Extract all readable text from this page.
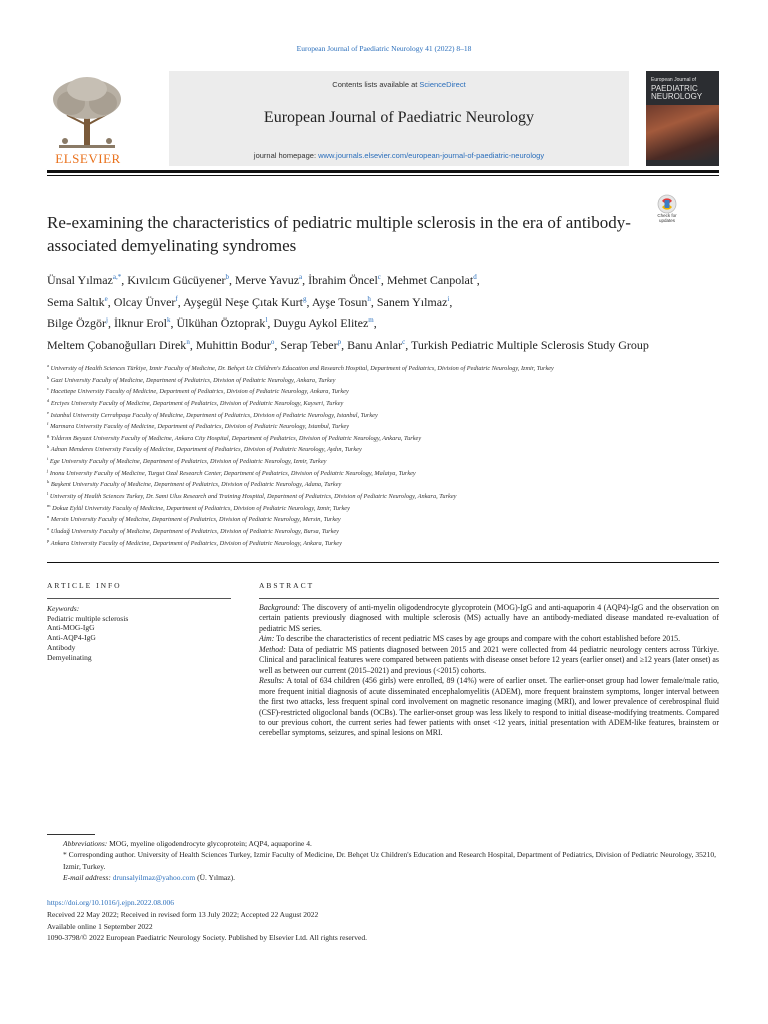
European Journal of Paediatric Neurology 41 (2022) 8–18
ELSEVIER
Contents lists available at ScienceDirect
European Journal of Paediatric Neurology
journal homepage: www.journals.elsevier.com/european-journal-of-paediatric-neurology
European Journal of
PAEDIATRIC NEUROLOGY
Re-examining the characteristics of pediatric multiple sclerosis in the era of antibody-associated demyelinating syndromes
Check for
updates
Ünsal Yılmaz$^{a,*}$, Kıvılcım Gücüyener$^b$, Merve Yavuz$^a$, İbrahim Öncel$^c$, Mehmet Canpolat$^d$,
Sema Saltık$^e$, Olcay Ünver$^f$, Ayşegül Neşe Çıtak Kurt$^g$, Ayşe Tosun$^h$, Sanem Yılmaz$^i$,
Bilge Özgör$^j$, İlknur Erol$^k$, Ülkühan Öztoprak$^l$, Duygu Aykol Elitez$^m$,
Meltem Çobanoğulları Direk$^n$, Muhittin Bodur$^o$, Serap Teber$^p$, Banu Anlar$^c$, Turkish Pediatric Multiple Sclerosis Study Group
$^a$ University of Health Sciences Türkiye, Izmir Faculty of Medicine, Dr. Behçet Uz Children's Education and Research Hospital, Department of Pediatrics, Division of Pediatric Neurology, Izmir, Turkey
$^b$ Gazi University Faculty of Medicine, Department of Pediatrics, Division of Pediatric Neurology, Ankara, Turkey
$^c$ Hacettepe University Faculty of Medicine, Department of Pediatrics, Division of Pediatric Neurology, Ankara, Turkey
$^d$ Erciyes University Faculty of Medicine, Department of Pediatrics, Division of Pediatric Neurology, Kayseri, Turkey
$^e$ Istanbul University Cerrahpaşa Faculty of Medicine, Department of Pediatrics, Division of Pediatric Neurology, Istanbul, Turkey
$^f$ Marmara University Faculty of Medicine, Department of Pediatrics, Division of Pediatric Neurology, Istanbul, Turkey
$^g$ Yıldırım Beyazıt University Faculty of Medicine, Ankara City Hospital, Department of Pediatrics, Division of Pediatric Neurology, Ankara, Turkey
$^h$ Adnan Menderes University Faculty of Medicine, Department of Pediatrics, Division of Pediatric Neurology, Aydın, Turkey
$^i$ Ege University Faculty of Medicine, Department of Pediatrics, Division of Pediatric Neurology, Izmir, Turkey
$^j$ Inonu University Faculty of Medicine, Turgut Ozal Research Center, Department of Pediatrics, Division of Pediatric Neurology, Malatya, Turkey
$^k$ Başkent University Faculty of Medicine, Department of Pediatrics, Division of Pediatric Neurology, Adana, Turkey
$^l$ University of Health Sciences Turkey, Dr. Sami Ulus Research and Training Hospital, Department of Pediatrics, Division of Pediatric Neurology, Ankara, Turkey
$^m$ Dokuz Eylül University Faculty of Medicine, Department of Pediatrics, Division of Pediatric Neurology, Izmir, Turkey
$^n$ Mersin University Faculty of Medicine, Department of Pediatrics, Division of Pediatric Neurology, Mersin, Turkey
$^o$ Uludağ University Faculty of Medicine, Department of Pediatrics, Division of Pediatric Neurology, Bursa, Turkey
$^p$ Ankara University Faculty of Medicine, Department of Pediatrics, Division of Pediatric Neurology, Ankara, Turkey
ARTICLE INFO	ABSTRACT
Keywords:
Pediatric multiple sclerosis
Anti-MOG-IgG
Anti-AQP4-IgG
Antibody
Demyelinating

Background: The discovery of anti-myelin oligodendrocyte glycoprotein (MOG)-IgG and anti-aquaporin 4 (AQP4)-IgG and the observation on certain patients previously diagnosed with multiple sclerosis (MS) actually have an antibody-mediated disease mandated re-evaluation of pediatric MS series.

Aim: To describe the characteristics of recent pediatric MS cases by age groups and compare with the cohort established before 2015.

Method: Data of pediatric MS patients diagnosed between 2015 and 2021 were collected from 44 pediatric neurology centers across Türkiye. Clinical and paraclinical features were compared between patients with disease onset before 12 years (earlier onset) and ≥12 years (later onset) as well as between our current (2015–2021) and previous (<2015) cohorts.

Results: A total of 634 children (456 girls) were enrolled, 89 (14%) were of earlier onset. The earlier-onset group had lower female/male ratio, more frequent initial diagnosis of acute disseminated encephalomyelitis (ADEM), more frequent brainstem symptoms, longer interval between the first two attacks, less frequent spinal cord involvement on magnetic resonance imaging (MRI), and lower prevalence of cerebrospinal fluid (CSF)-restricted oligoclonal bands (OCBs). The earlier-onset group was less likely to respond to initial disease-modifying treatments. Compared to our previous cohort, the current series had fewer patients with onset <12 years, initial presentation with ADEM-like features, brainstem or cerebellar symptoms, seizures, and spinal lesions on MRI.

Abbreviations: MOG, myeline oligodendrocyte glycoprotein; AQP4, aquaporine 4.

* Corresponding author. University of Health Sciences Turkey, Izmir Faculty of Medicine, Dr. Behçet Uz Children's Education and Research Hospital, Department of Pediatrics, Division of Pediatric Neurology, 35210, Izmir, Turkey.

E-mail address: drunsalyilmaz@yahoo.com (Ü. Yılmaz).

https://doi.org/10.1016/j.ejpn.2022.08.006

Received 22 May 2022; Received in revised form 13 July 2022; Accepted 22 August 2022

Available online 1 September 2022

1090-3798/© 2022 European Paediatric Neurology Society. Published by Elsevier Ltd. All rights reserved.
